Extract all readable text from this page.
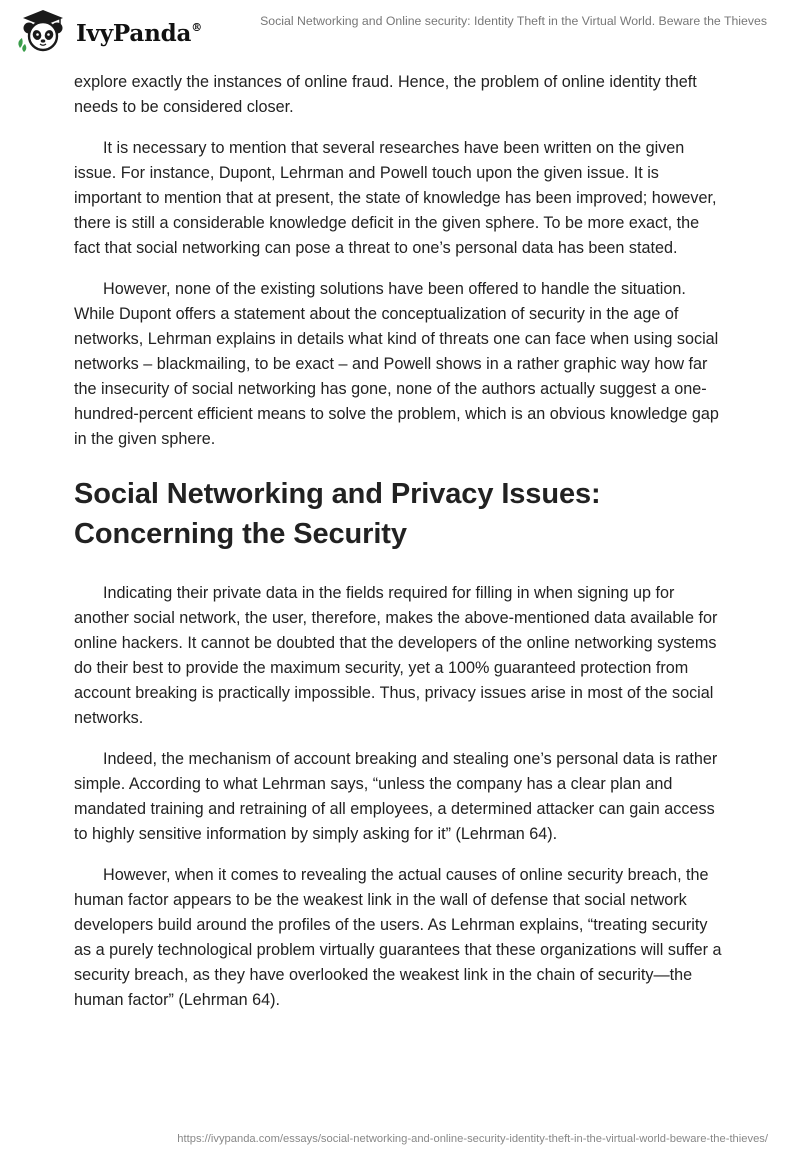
IvyPanda®	Social Networking and Online security: Identity Theft in the Virtual World. Beware the Thieves

explore exactly the instances of online fraud. Hence, the problem of online identity theft needs to be considered closer.

It is necessary to mention that several researches have been written on the given issue. For instance, Dupont, Lehrman and Powell touch upon the given issue. It is important to mention that at present, the state of knowledge has been improved; however, there is still a considerable knowledge deficit in the given sphere. To be more exact, the fact that social networking can pose a threat to one’s personal data has been stated.

However, none of the existing solutions have been offered to handle the situation. While Dupont offers a statement about the conceptualization of security in the age of networks, Lehrman explains in details what kind of threats one can face when using social networks – blackmailing, to be exact – and Powell shows in a rather graphic way how far the insecurity of social networking has gone, none of the authors actually suggest a one-hundred-percent efficient means to solve the problem, which is an obvious knowledge gap in the given sphere.

Social Networking and Privacy Issues: Concerning the Security

Indicating their private data in the fields required for filling in when signing up for another social network, the user, therefore, makes the above-mentioned data available for online hackers. It cannot be doubted that the developers of the online networking systems do their best to provide the maximum security, yet a 100% guaranteed protection from account breaking is practically impossible. Thus, privacy issues arise in most of the social networks.

Indeed, the mechanism of account breaking and stealing one’s personal data is rather simple. According to what Lehrman says, “unless the company has a clear plan and mandated training and retraining of all employees, a determined attacker can gain access to highly sensitive information by simply asking for it” (Lehrman 64).

However, when it comes to revealing the actual causes of online security breach, the human factor appears to be the weakest link in the wall of defense that social network developers build around the profiles of the users. As Lehrman explains, “treating security as a purely technological problem virtually guarantees that these organizations will suffer a security breach, as they have overlooked the weakest link in the chain of security—the human factor” (Lehrman 64).

https://ivypanda.com/essays/social-networking-and-online-security-identity-theft-in-the-virtual-world-beware-the-thieves/
